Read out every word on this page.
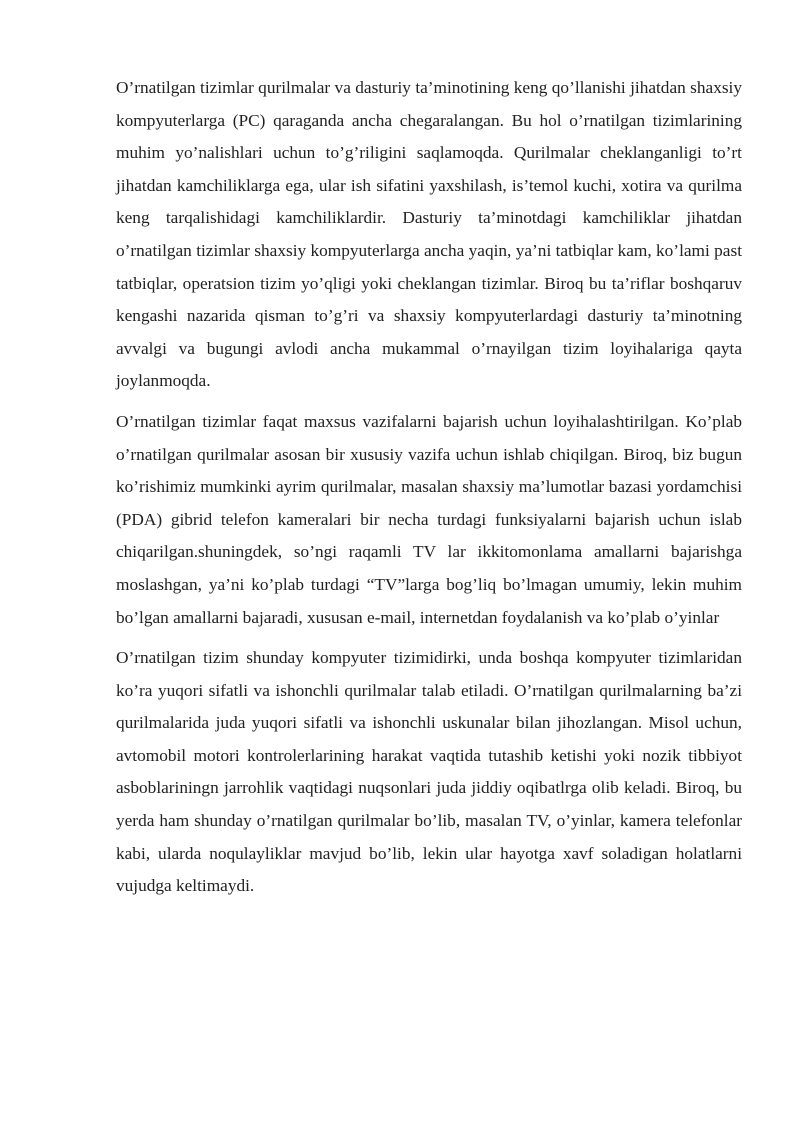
O’rnatilgan tizimlar qurilmalar va dasturiy ta’minotining keng qo’llanishi jihatdan shaxsiy kompyuterlarga (PC) qaraganda ancha chegaralangan. Bu hol o’rnatilgan tizimlarining muhim yo’nalishlari uchun to’g’riligini saqlamoqda. Qurilmalar cheklanganligi to’rt jihatdan kamchiliklarga ega, ular ish sifatini yaxshilash, is’temol kuchi, xotira va qurilma keng tarqalishidagi kamchiliklardir. Dasturiy ta’minotdagi kamchiliklar jihatdan o’rnatilgan tizimlar shaxsiy kompyuterlarga ancha yaqin, ya’ni tatbiqlar kam, ko’lami past tatbiqlar, operatsion tizim yo’qligi yoki cheklangan tizimlar. Biroq bu ta’riflar boshqaruv kengashi nazarida qisman to’g’ri va shaxsiy kompyuterlardagi dasturiy ta’minotning avvalgi va bugungi avlodi ancha mukammal o’rnayilgan tizim loyihalariga qayta joylanmoqda.

O’rnatilgan tizimlar faqat maxsus vazifalarni bajarish uchun loyihalashtirilgan. Ko’plab o’rnatilgan qurilmalar asosan bir xususiy vazifa uchun ishlab chiqilgan. Biroq, biz bugun ko’rishimiz mumkinki ayrim qurilmalar, masalan shaxsiy ma’lumotlar bazasi yordamchisi (PDA) gibrid telefon kameralari bir necha turdagi funksiyalarni bajarish uchun islab chiqarilgan.shuningdek, so’ngi raqamli TV lar ikkitomonlama amallarni bajarishga moslashgan, ya’ni ko’plab turdagi “TV”larga bog’liq bo’lmagan umumiy, lekin muhim bo’lgan amallarni bajaradi, xususan e-mail, internetdan foydalanish va ko’plab o’yinlar

O’rnatilgan tizim shunday kompyuter tizimidirki, unda boshqa kompyuter tizimlaridan ko’ra yuqori sifatli va ishonchli qurilmalar talab etiladi. O’rnatilgan qurilmalarning ba’zi qurilmalarida juda yuqori sifatli va ishonchli uskunalar bilan jihozlangan. Misol uchun, avtomobil motori kontrolerlarining harakat vaqtida tutashib ketishi yoki nozik tibbiyot asboblariningn jarrohlik vaqtidagi nuqsonlari juda jiddiy oqibatlrga olib keladi. Biroq, bu yerda ham shunday o’rnatilgan qurilmalar bo’lib, masalan TV, o’yinlar, kamera telefonlar kabi, ularda noqulayliklar mavjud bo’lib, lekin ular hayotga xavf soladigan holatlarni vujudga keltimaydi.
